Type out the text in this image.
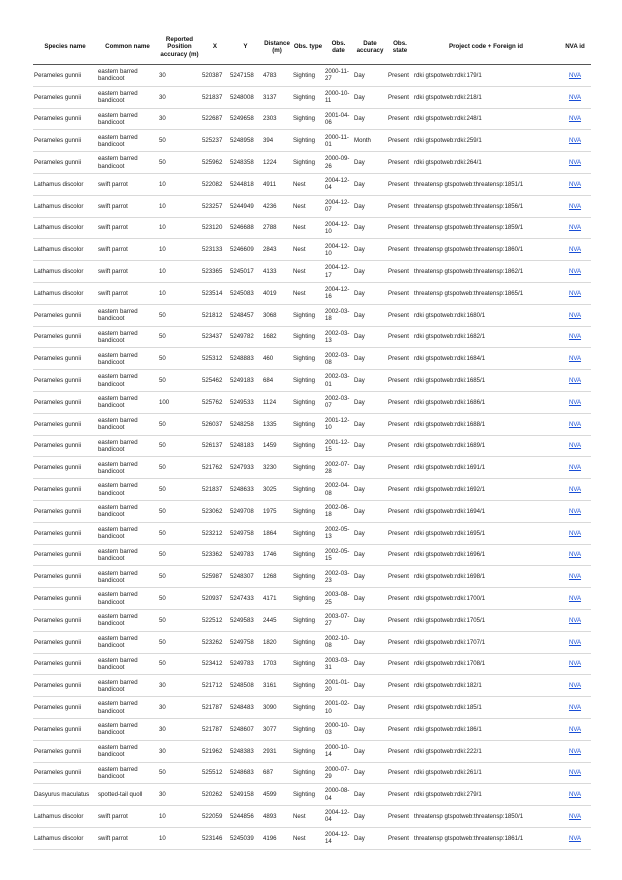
Species name	Common name	Reported Position accuracy (m)	X	Y	Distance (m)	Obs. type	Obs. date	Date accuracy	Obs. state	Project code + Foreign id	NVA id
Perameles gunnii	eastern barred bandicoot	30	520387	5247158	4783	Sighting	2000-11-27	Day	Present	rdki gtspotweb:rdki:179/1	NVA
Perameles gunnii	eastern barred bandicoot	30	521837	5248008	3137	Sighting	2000-10-11	Day	Present	rdki gtspotweb:rdki:218/1	NVA
Perameles gunnii	eastern barred bandicoot	30	522687	5249658	2303	Sighting	2001-04-06	Day	Present	rdki gtspotweb:rdki:248/1	NVA
Perameles gunnii	eastern barred bandicoot	50	525237	5248958	394	Sighting	2000-11-01	Month	Present	rdki gtspotweb:rdki:259/1	NVA
Perameles gunnii	eastern barred bandicoot	50	525962	5248358	1224	Sighting	2000-09-26	Day	Present	rdki gtspotweb:rdki:264/1	NVA
Lathamus discolor	swift parrot	10	522082	5244818	4911	Nest	2004-12-04	Day	Present	threatensp gtspotweb:threatensp:1851/1	NVA
Lathamus discolor	swift parrot	10	523257	5244949	4236	Nest	2004-12-07	Day	Present	threatensp gtspotweb:threatensp:1856/1	NVA
Lathamus discolor	swift parrot	10	523120	5246688	2788	Nest	2004-12-10	Day	Present	threatensp gtspotweb:threatensp:1859/1	NVA
Lathamus discolor	swift parrot	10	523133	5246609	2843	Nest	2004-12-10	Day	Present	threatensp gtspotweb:threatensp:1860/1	NVA
Lathamus discolor	swift parrot	10	523365	5245017	4133	Nest	2004-12-17	Day	Present	threatensp gtspotweb:threatensp:1862/1	NVA
Lathamus discolor	swift parrot	10	523514	5245083	4019	Nest	2004-12-16	Day	Present	threatensp gtspotweb:threatensp:1865/1	NVA
Perameles gunnii	eastern barred bandicoot	50	521812	5248457	3068	Sighting	2002-03-18	Day	Present	rdki gtspotweb:rdki:1680/1	NVA
Perameles gunnii	eastern barred bandicoot	50	523437	5249782	1682	Sighting	2002-03-13	Day	Present	rdki gtspotweb:rdki:1682/1	NVA
Perameles gunnii	eastern barred bandicoot	50	525312	5248883	460	Sighting	2002-03-08	Day	Present	rdki gtspotweb:rdki:1684/1	NVA
Perameles gunnii	eastern barred bandicoot	50	525462	5249183	684	Sighting	2002-03-01	Day	Present	rdki gtspotweb:rdki:1685/1	NVA
Perameles gunnii	eastern barred bandicoot	100	525762	5249533	1124	Sighting	2002-03-07	Day	Present	rdki gtspotweb:rdki:1686/1	NVA
Perameles gunnii	eastern barred bandicoot	50	526037	5248258	1335	Sighting	2001-12-10	Day	Present	rdki gtspotweb:rdki:1688/1	NVA
Perameles gunnii	eastern barred bandicoot	50	526137	5248183	1459	Sighting	2001-12-15	Day	Present	rdki gtspotweb:rdki:1689/1	NVA
Perameles gunnii	eastern barred bandicoot	50	521762	5247933	3230	Sighting	2002-07-28	Day	Present	rdki gtspotweb:rdki:1691/1	NVA
Perameles gunnii	eastern barred bandicoot	50	521837	5248633	3025	Sighting	2002-04-08	Day	Present	rdki gtspotweb:rdki:1692/1	NVA
Perameles gunnii	eastern barred bandicoot	50	523062	5249708	1975	Sighting	2002-06-18	Day	Present	rdki gtspotweb:rdki:1694/1	NVA
Perameles gunnii	eastern barred bandicoot	50	523212	5249758	1864	Sighting	2002-05-13	Day	Present	rdki gtspotweb:rdki:1695/1	NVA
Perameles gunnii	eastern barred bandicoot	50	523362	5249783	1746	Sighting	2002-05-15	Day	Present	rdki gtspotweb:rdki:1696/1	NVA
Perameles gunnii	eastern barred bandicoot	50	525987	5248307	1268	Sighting	2002-03-23	Day	Present	rdki gtspotweb:rdki:1698/1	NVA
Perameles gunnii	eastern barred bandicoot	50	520937	5247433	4171	Sighting	2003-08-25	Day	Present	rdki gtspotweb:rdki:1700/1	NVA
Perameles gunnii	eastern barred bandicoot	50	522512	5249583	2445	Sighting	2003-07-27	Day	Present	rdki gtspotweb:rdki:1705/1	NVA
Perameles gunnii	eastern barred bandicoot	50	523262	5249758	1820	Sighting	2002-10-08	Day	Present	rdki gtspotweb:rdki:1707/1	NVA
Perameles gunnii	eastern barred bandicoot	50	523412	5249783	1703	Sighting	2003-03-31	Day	Present	rdki gtspotweb:rdki:1708/1	NVA
Perameles gunnii	eastern barred bandicoot	30	521712	5248508	3161	Sighting	2001-01-20	Day	Present	rdki gtspotweb:rdki:182/1	NVA
Perameles gunnii	eastern barred bandicoot	30	521787	5248483	3090	Sighting	2001-02-10	Day	Present	rdki gtspotweb:rdki:185/1	NVA
Perameles gunnii	eastern barred bandicoot	30	521787	5248607	3077	Sighting	2000-10-03	Day	Present	rdki gtspotweb:rdki:186/1	NVA
Perameles gunnii	eastern barred bandicoot	30	521962	5248383	2931	Sighting	2000-10-14	Day	Present	rdki gtspotweb:rdki:222/1	NVA
Perameles gunnii	eastern barred bandicoot	50	525512	5248683	687	Sighting	2000-07-29	Day	Present	rdki gtspotweb:rdki:261/1	NVA
Dasyurus maculatus	spotted-tail quoll	30	520262	5249158	4599	Sighting	2000-08-04	Day	Present	rdki gtspotweb:rdki:279/1	NVA
Lathamus discolor	swift parrot	10	522059	5244856	4893	Nest	2004-12-04	Day	Present	threatensp gtspotweb:threatensp:1850/1	NVA
Lathamus discolor	swift parrot	10	523146	5245039	4196	Nest	2004-12-14	Day	Present	threatensp gtspotweb:threatensp:1861/1	NVA
